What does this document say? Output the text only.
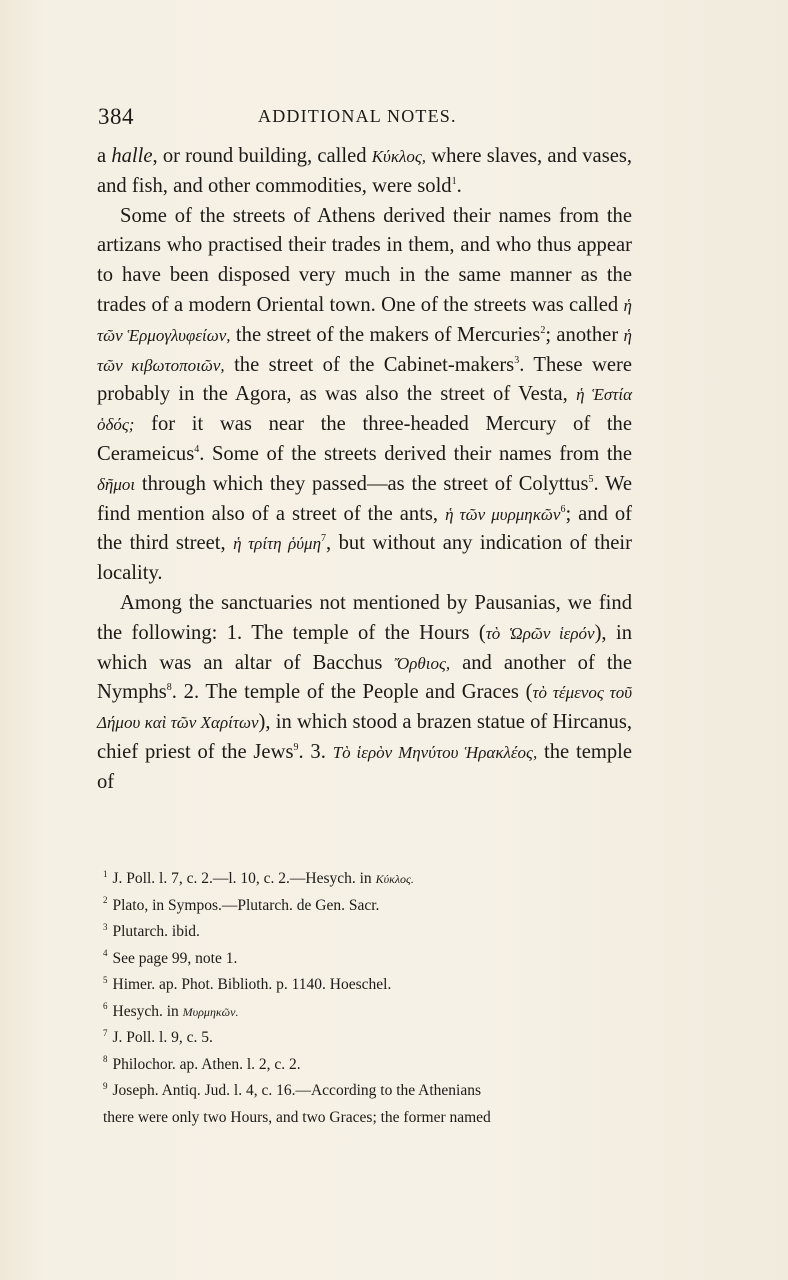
384	ADDITIONAL NOTES.

a halle, or round building, called Κύκλος, where slaves, and vases, and fish, and other commodities, were sold$^1$.

Some of the streets of Athens derived their names from the artizans who practised their trades in them, and who thus appear to have been disposed very much in the same manner as the trades of a modern Oriental town. One of the streets was called ἡ τῶν Ἑρμογλυφείων, the street of the makers of Mercuries$^2$; another ἡ τῶν κιβωτοποιῶν, the street of the Cabinet-makers$^3$. These were probably in the Agora, as was also the street of Vesta, ἡ Ἑστία ὁδός; for it was near the three-headed Mercury of the Cerameicus$^4$. Some of the streets derived their names from the δῆμοι through which they passed—as the street of Colyttus$^5$. We find mention also of a street of the ants, ἡ τῶν μυρμηκῶν$^6$; and of the third street, ἡ τρίτη ῥύμη$^7$, but without any indication of their locality.

Among the sanctuaries not mentioned by Pausanias, we find the following: 1. The temple of the Hours (τὸ Ὡρῶν ἱερόν), in which was an altar of Bacchus Ὄρθιος, and another of the Nymphs$^8$. 2. The temple of the People and Graces (τὸ τέμενος τοῦ Δήμου καὶ τῶν Χαρίτων), in which stood a brazen statue of Hircanus, chief priest of the Jews$^9$. 3. Τὸ ἱερὸν Μηνύτου Ἡρακλέος, the temple of

$^1$ J. Poll. l. 7, c. 2.—l. 10, c. 2.—Hesych. in Κύκλος.

$^2$ Plato, in Sympos.—Plutarch. de Gen. Sacr.

$^3$ Plutarch. ibid.

$^4$ See page 99, note 1.

$^5$ Himer. ap. Phot. Biblioth. p. 1140. Hoeschel.

$^6$ Hesych. in Μυρμηκῶν.

$^7$ J. Poll. l. 9, c. 5.

$^8$ Philochor. ap. Athen. l. 2, c. 2.

$^9$ Joseph. Antiq. Jud. l. 4, c. 16.—According to the Athenians

there were only two Hours, and two Graces; the former named
